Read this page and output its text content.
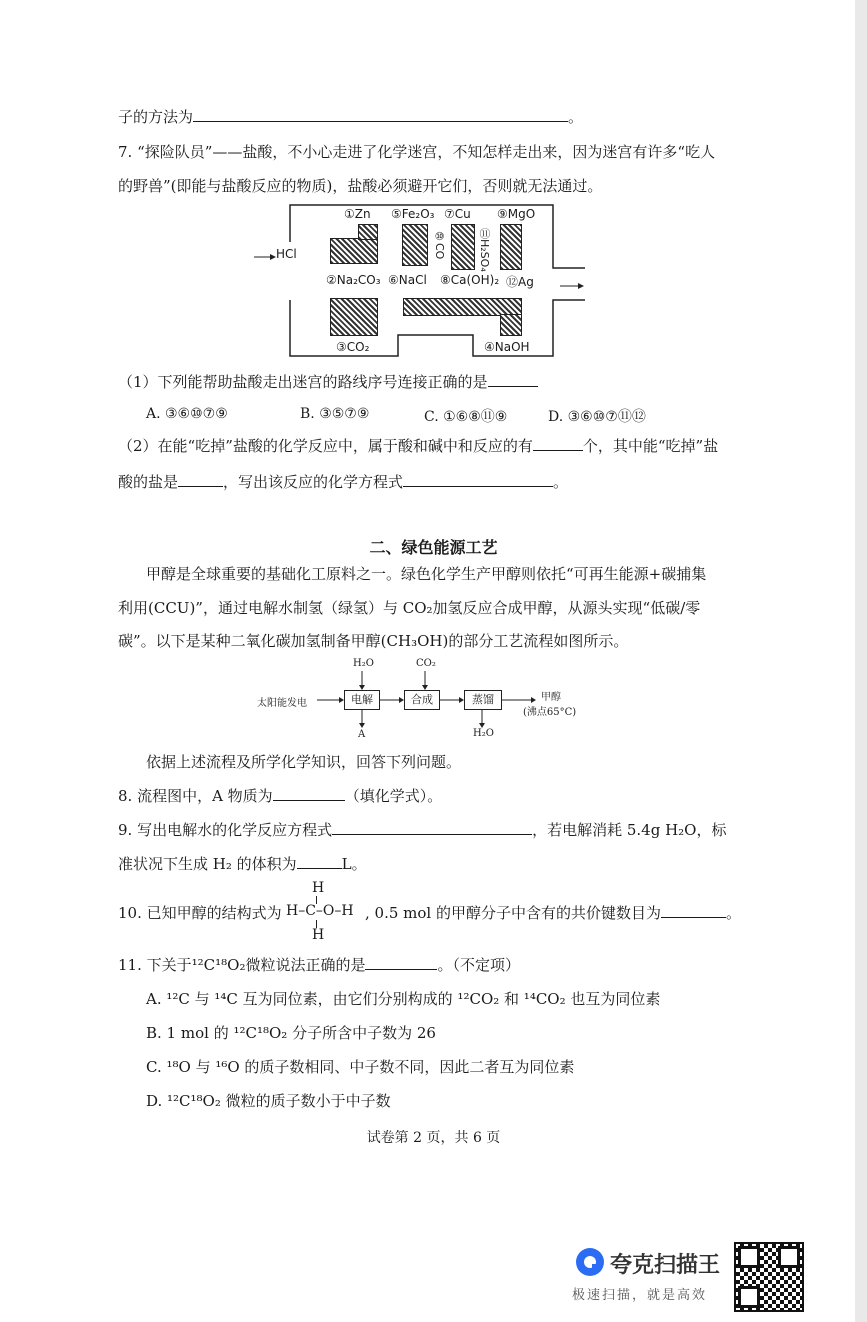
子的方法为	。
7. “探险队员”——盐酸，不小心走进了化学迷宫，不知怎样走出来，因为迷宫有许多“吃人
的野兽”(即能与盐酸反应的物质)，盐酸必须避开它们，否则就无法通过。
HCl
①Zn ⑤Fe₂O₃ ⑦Cu ⑨MgO
⑪H₂SO₄
⑩CO
②Na₂CO₃ ⑥NaCl ⑧Ca(OH)₂ ⑫Ag
③CO₂	④NaOH
（1）下列能帮助盐酸走出迷宫的路线序号连接正确的是
A. ③⑥⑩⑦⑨	B. ③⑤⑦⑨	C. ①⑥⑧⑪⑨	D. ③⑥⑩⑦⑪⑫
（2）在能“吃掉”盐酸的化学反应中，属于酸和碱中和反应的有	个，其中能“吃掉”盐
酸的盐是	，写出该反应的化学方程式	。
二、绿色能源工艺
甲醇是全球重要的基础化工原料之一。绿色化学生产甲醇则依托“可再生能源+碳捕集
利用(CCU)”，通过电解水制氢（绿氢）与 CO₂加氢反应合成甲醇，从源头实现“低碳/零
碳”。以下是某种二氧化碳加氢制备甲醇(CH₃OH)的部分工艺流程如图所示。
太阳能发电	电解	合成	蒸馏
H₂O	CO₂
A	H₂O
甲醇
(沸点65°C)
依据上述流程及所学化学知识，回答下列问题。
8. 流程图中，A 物质为	（填化学式）。
9. 写出电解水的化学反应方程式	，若电解消耗 5.4g H₂O，标
准状况下生成 H₂ 的体积为	L。
10. 已知甲醇的结构式为
H
H–C–O–H
H
, 0.5 mol 的甲醇分子中含有的共价键数目为	。
11. 下关于¹²C¹⁸O₂微粒说法正确的是	。（不定项）
A. ¹²C 与 ¹⁴C 互为同位素，由它们分别构成的 ¹²CO₂ 和 ¹⁴CO₂ 也互为同位素
B. 1 mol 的 ¹²C¹⁸O₂ 分子所含中子数为 26
C. ¹⁸O 与 ¹⁶O 的质子数相同、中子数不同，因此二者互为同位素
D. ¹²C¹⁸O₂ 微粒的质子数小于中子数
试卷第 2 页，共 6 页
夸克扫描王
极速扫描，就是高效
